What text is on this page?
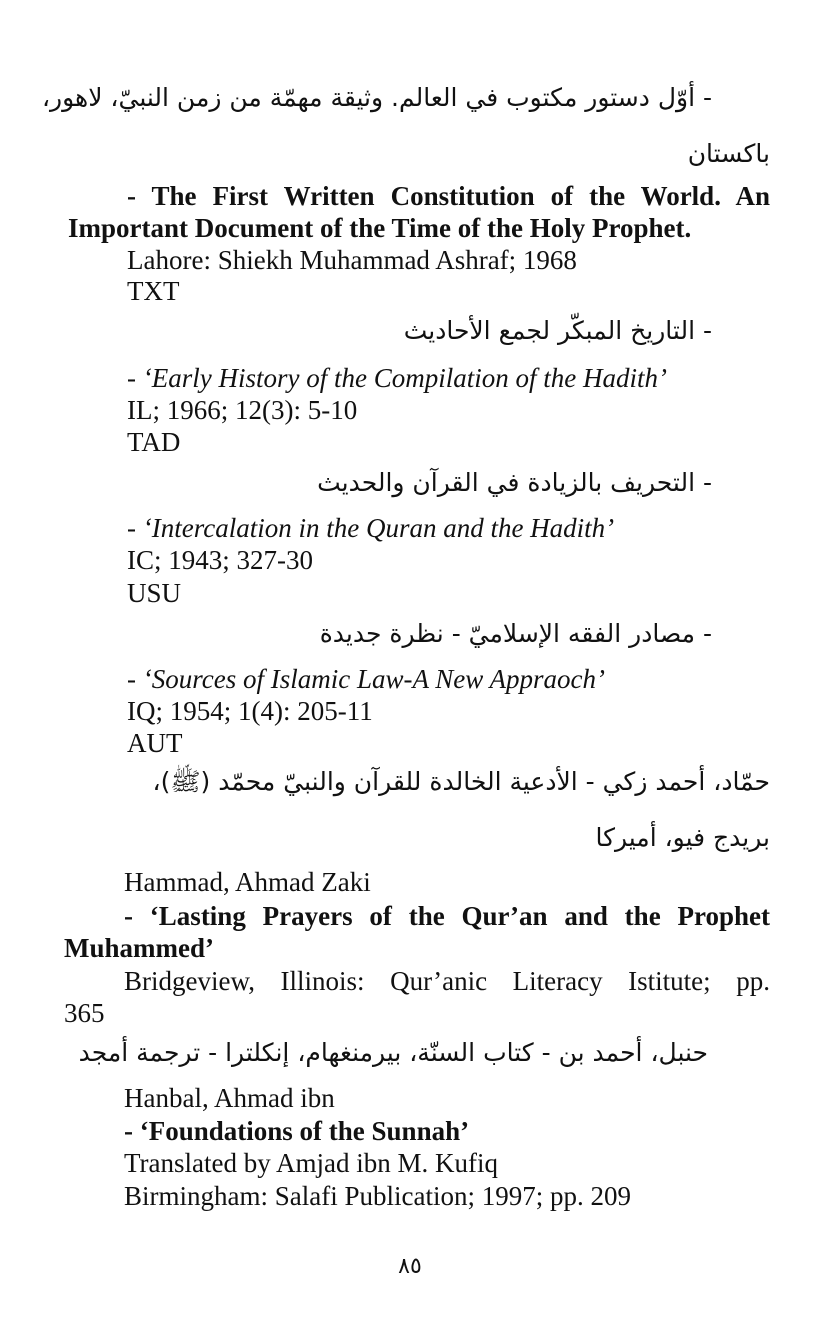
- أوّل دستور مكتوب في العالم. وثيقة مهمّة من زمن النبيّ، لاهور،
باكستان
- The First Written Constitution of the World. An
Important Document of the Time of the Holy Prophet.
Lahore: Shiekh Muhammad Ashraf; 1968
TXT
- التاريخ المبكّر لجمع الأحاديث
- ‘Early History of the Compilation of the Hadith’
IL; 1966; 12(3): 5-10
TAD
- التحريف بالزيادة في القرآن والحديث
- ‘Intercalation in the Quran and the Hadith’
IC; 1943; 327-30
USU
- مصادر الفقه الإسلاميّ - نظرة جديدة
- ‘Sources of Islamic Law-A New Appraoch’
IQ; 1954; 1(4): 205-11
AUT
حمّاد، أحمد زكي - الأدعية الخالدة للقرآن والنبيّ محمّد (ﷺ)،
بريدج فيو، أميركا
Hammad, Ahmad Zaki
- ‘Lasting Prayers of the Qur’an and the Prophet
Muhammed’
Bridgeview, Illinois: Qur’anic Literacy Istitute; pp.
365
حنبل، أحمد بن - كتاب السنّة، بيرمنغهام، إنكلترا - ترجمة أمجد
Hanbal, Ahmad ibn
- ‘Foundations of the Sunnah’
Translated by Amjad ibn M. Kufiq
Birmingham: Salafi Publication; 1997; pp. 209
٨٥
